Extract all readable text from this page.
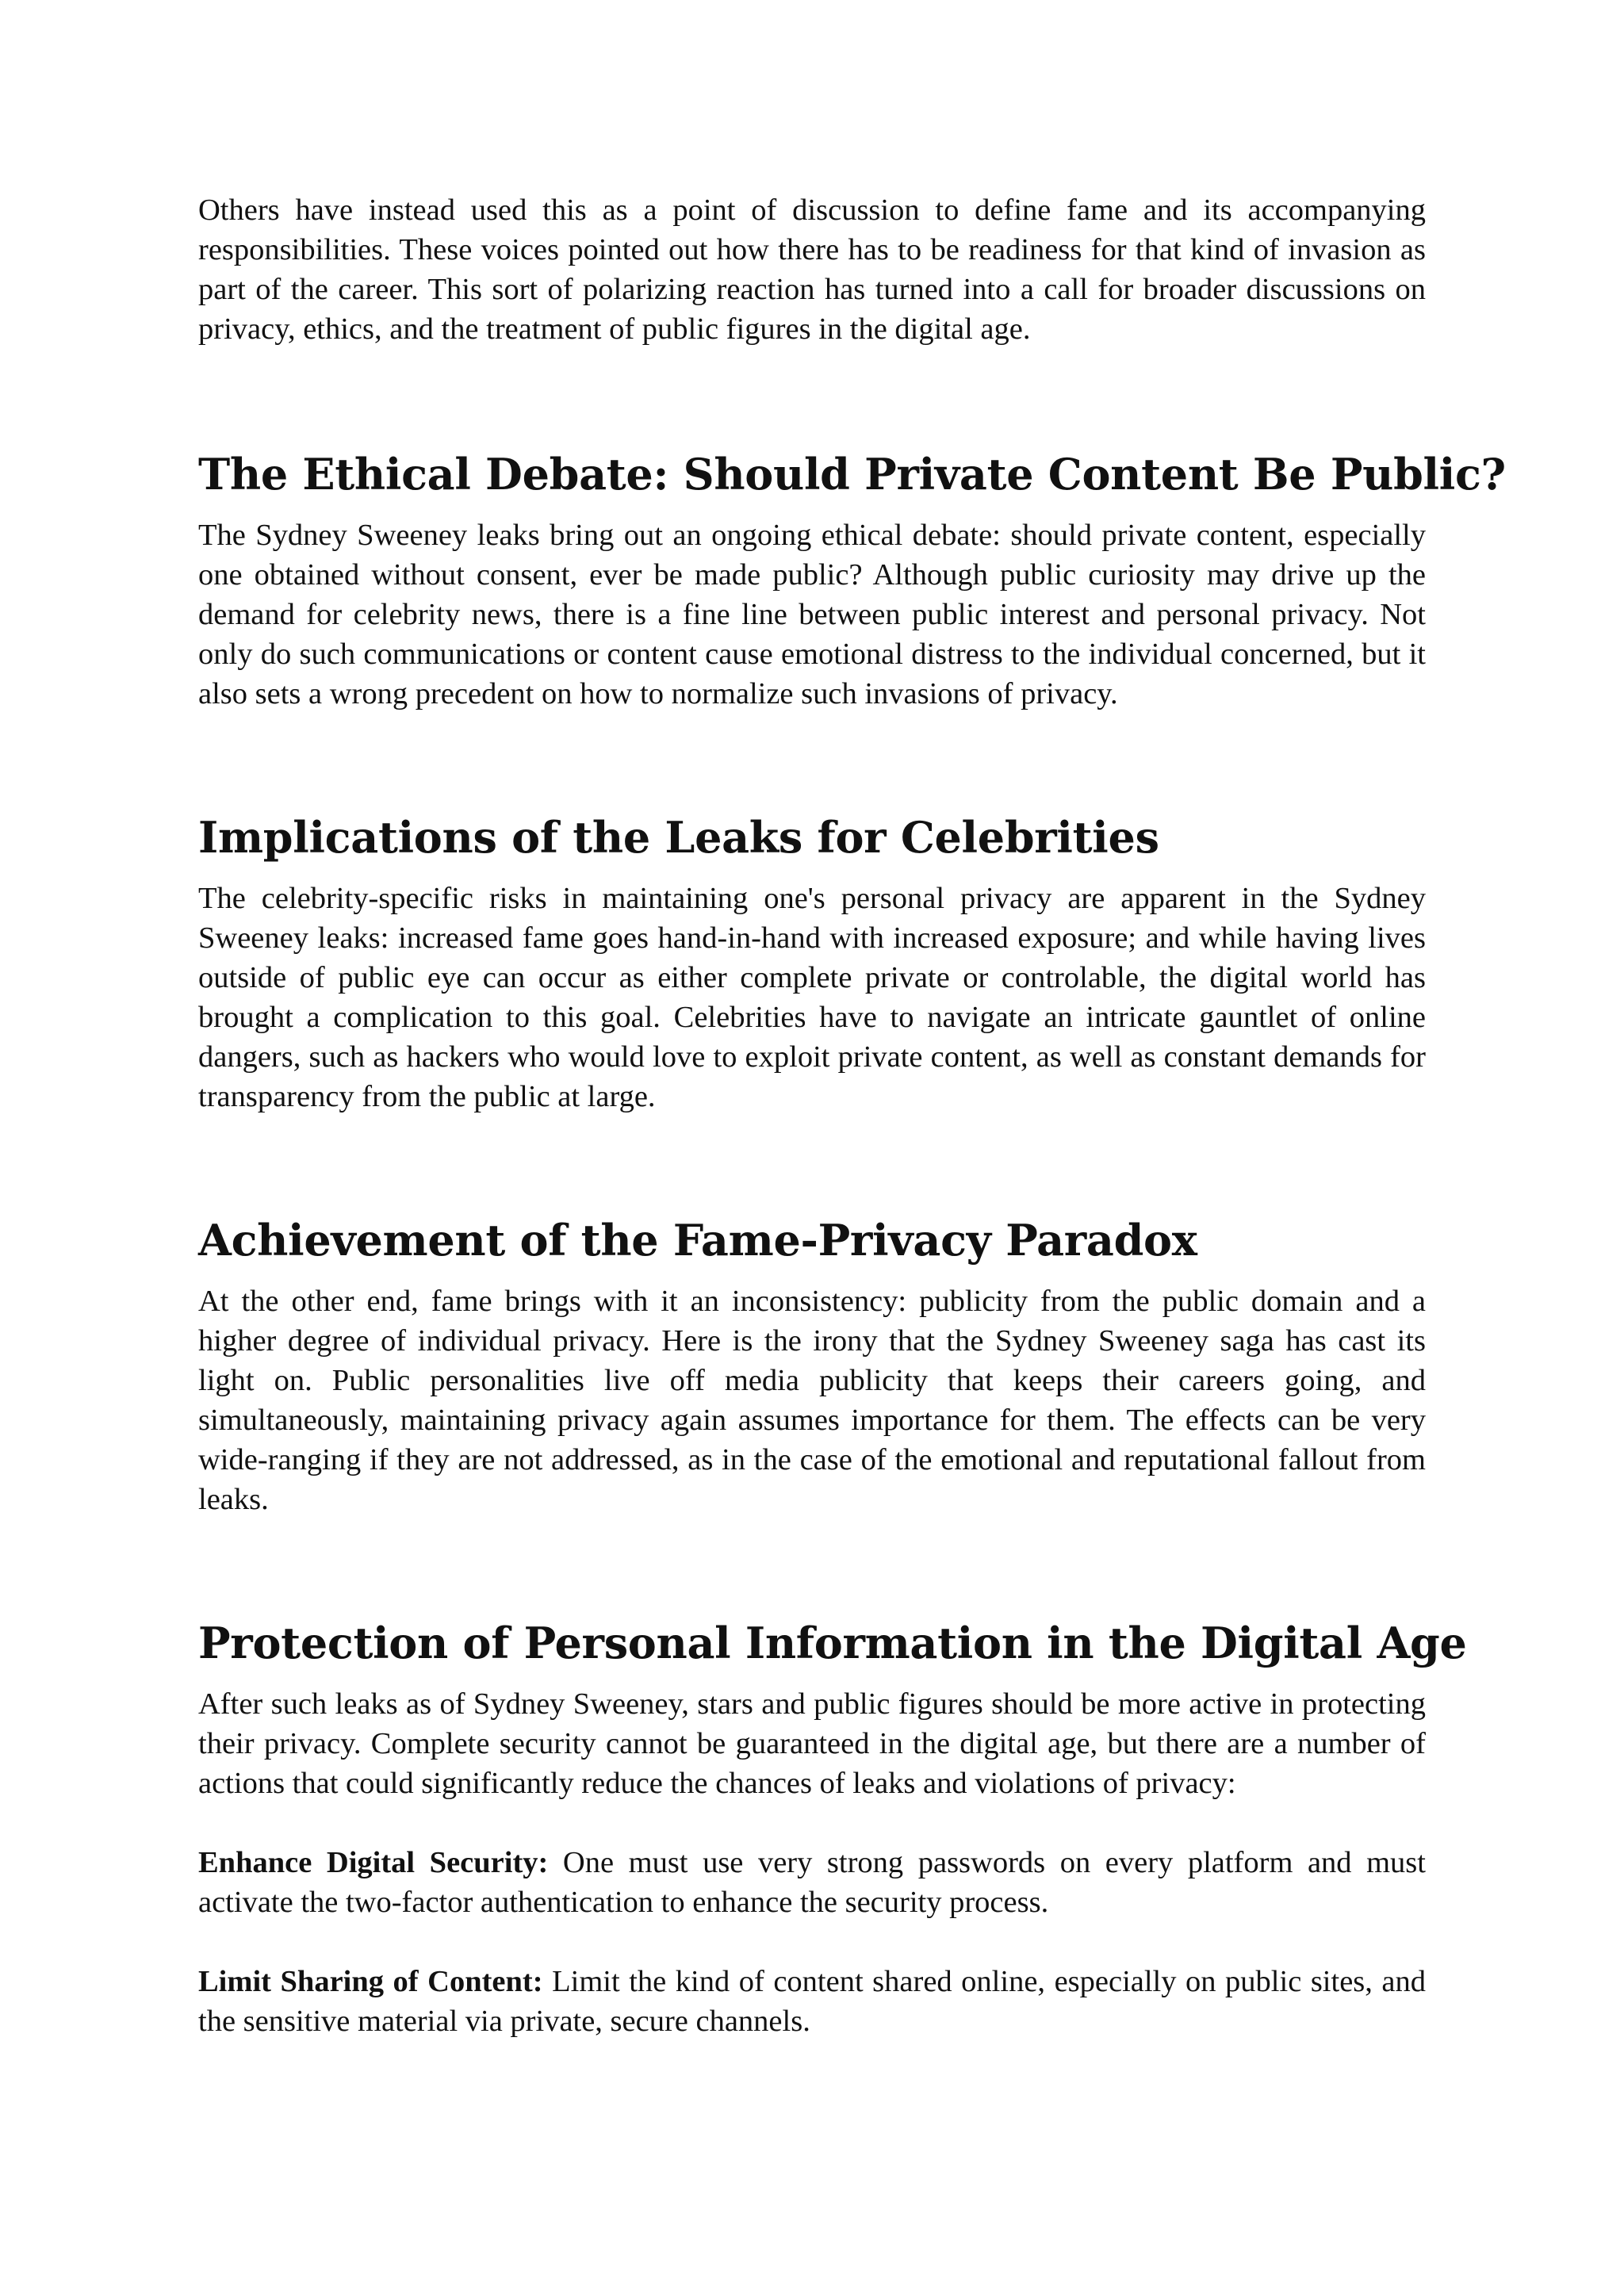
Others have instead used this as a point of discussion to define fame and its accompanying responsibilities. These voices pointed out how there has to be readiness for that kind of invasion as part of the career. This sort of polarizing reaction has turned into a call for broader discussions on privacy, ethics, and the treatment of public figures in the digital age.

The Ethical Debate: Should Private Content Be Public?

The Sydney Sweeney leaks bring out an ongoing ethical debate: should private content, especially one obtained without consent, ever be made public? Although public curiosity may drive up the demand for celebrity news, there is a fine line between public interest and personal privacy. Not only do such communications or content cause emotional distress to the individual concerned, but it also sets a wrong precedent on how to normalize such invasions of privacy.

Implications of the Leaks for Celebrities

The celebrity-specific risks in maintaining one's personal privacy are apparent in the Sydney Sweeney leaks: increased fame goes hand-in-hand with increased exposure; and while having lives outside of public eye can occur as either complete private or controlable, the digital world has brought a complication to this goal. Celebrities have to navigate an intricate gauntlet of online dangers, such as hackers who would love to exploit private content, as well as constant demands for transparency from the public at large.

Achievement of the Fame-Privacy Paradox

At the other end, fame brings with it an inconsistency: publicity from the public domain and a higher degree of individual privacy. Here is the irony that the Sydney Sweeney saga has cast its light on. Public personalities live off media publicity that keeps their careers going, and simultaneously, maintaining privacy again assumes importance for them. The effects can be very wide-ranging if they are not addressed, as in the case of the emotional and reputational fallout from leaks.

Protection of Personal Information in the Digital Age

After such leaks as of Sydney Sweeney, stars and public figures should be more active in protecting their privacy. Complete security cannot be guaranteed in the digital age, but there are a number of actions that could significantly reduce the chances of leaks and violations of privacy:

Enhance Digital Security: One must use very strong passwords on every platform and must activate the two-factor authentication to enhance the security process.

Limit Sharing of Content: Limit the kind of content shared online, especially on public sites, and the sensitive material via private, secure channels.
